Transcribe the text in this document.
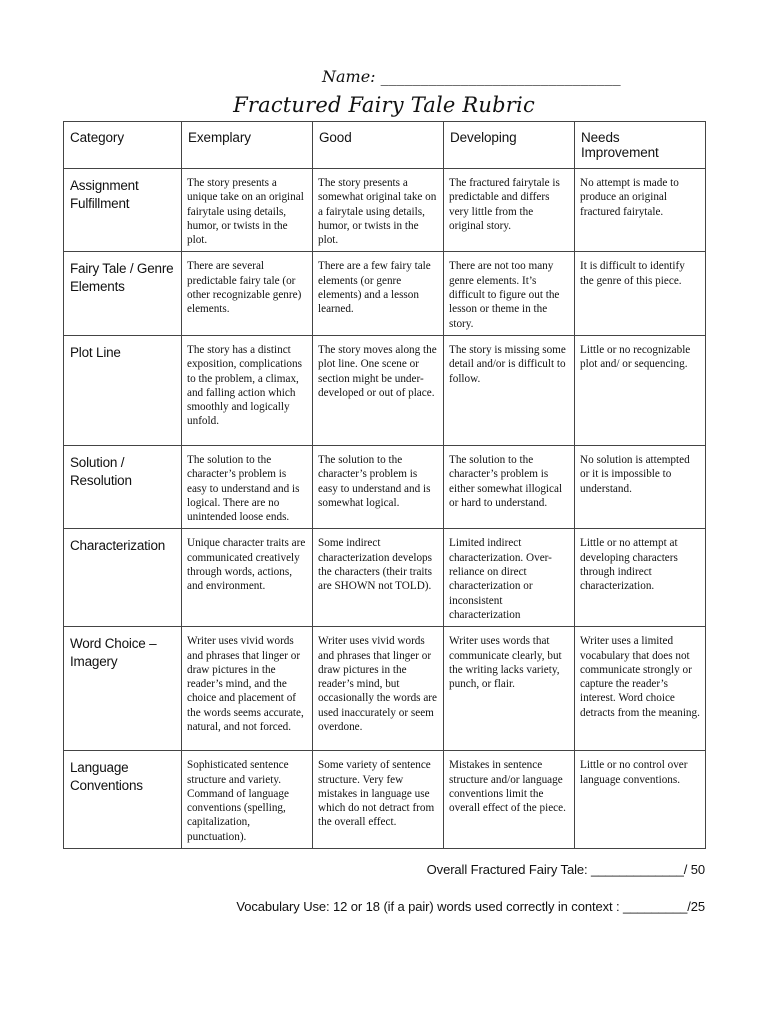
Name: ______________________________
Fractured Fairy Tale Rubric
Category	Exemplary	Good	Developing	Needs Improvement
Assignment Fulfillment	The story presents a unique take on an original fairytale using details, humor, or twists in the plot.	The story presents a somewhat original take on a fairytale using details, humor, or twists in the plot.	The fractured fairytale is predictable and differs very little from the original story.	No attempt is made to produce an original fractured fairytale.
Fairy Tale / Genre Elements	There are several predictable fairy tale (or other recognizable genre) elements.	There are a few fairy tale elements (or genre elements) and a lesson learned.	There are not too many genre elements. It’s difficult to figure out the lesson or theme in the story.	It is difficult to identify the genre of this piece.
Plot Line	The story has a distinct exposition, complications to the problem, a climax, and falling action which smoothly and logically unfold.	The story moves along the plot line. One scene or section might be under-developed or out of place.	The story is missing some detail and/or is difficult to follow.	Little or no recognizable plot and/ or sequencing.
Solution / Resolution	The solution to the character’s problem is easy to understand and is logical. There are no unintended loose ends.	The solution to the character’s problem is easy to understand and is somewhat logical.	The solution to the character’s problem is either somewhat illogical or hard to understand.	No solution is attempted or it is impossible to understand.
Characterization	Unique character traits are communicated creatively through words, actions, and environment.	Some indirect characterization develops the characters (their traits are SHOWN not TOLD).	Limited indirect characterization. Over-reliance on direct characterization or inconsistent characterization	Little or no attempt at developing characters through indirect characterization.
Word Choice – Imagery	Writer uses vivid words and phrases that linger or draw pictures in the reader’s mind, and the choice and placement of the words seems accurate, natural, and not forced.	Writer uses vivid words and phrases that linger or draw pictures in the reader’s mind, but occasionally the words are used inaccurately or seem overdone.	Writer uses words that communicate clearly, but the writing lacks variety, punch, or flair.	Writer uses a limited vocabulary that does not communicate strongly or capture the reader’s interest. Word choice detracts from the meaning.
Language Conventions	Sophisticated sentence structure and variety. Command of language conventions (spelling, capitalization, punctuation).	Some variety of sentence structure. Very few mistakes in language use which do not detract from the overall effect.	Mistakes in sentence structure and/or language conventions limit the overall effect of the piece.	Little or no control over language conventions.
Overall Fractured Fairy Tale: _____________/ 50
Vocabulary Use: 12 or 18 (if a pair) words used correctly in context : _________/25
